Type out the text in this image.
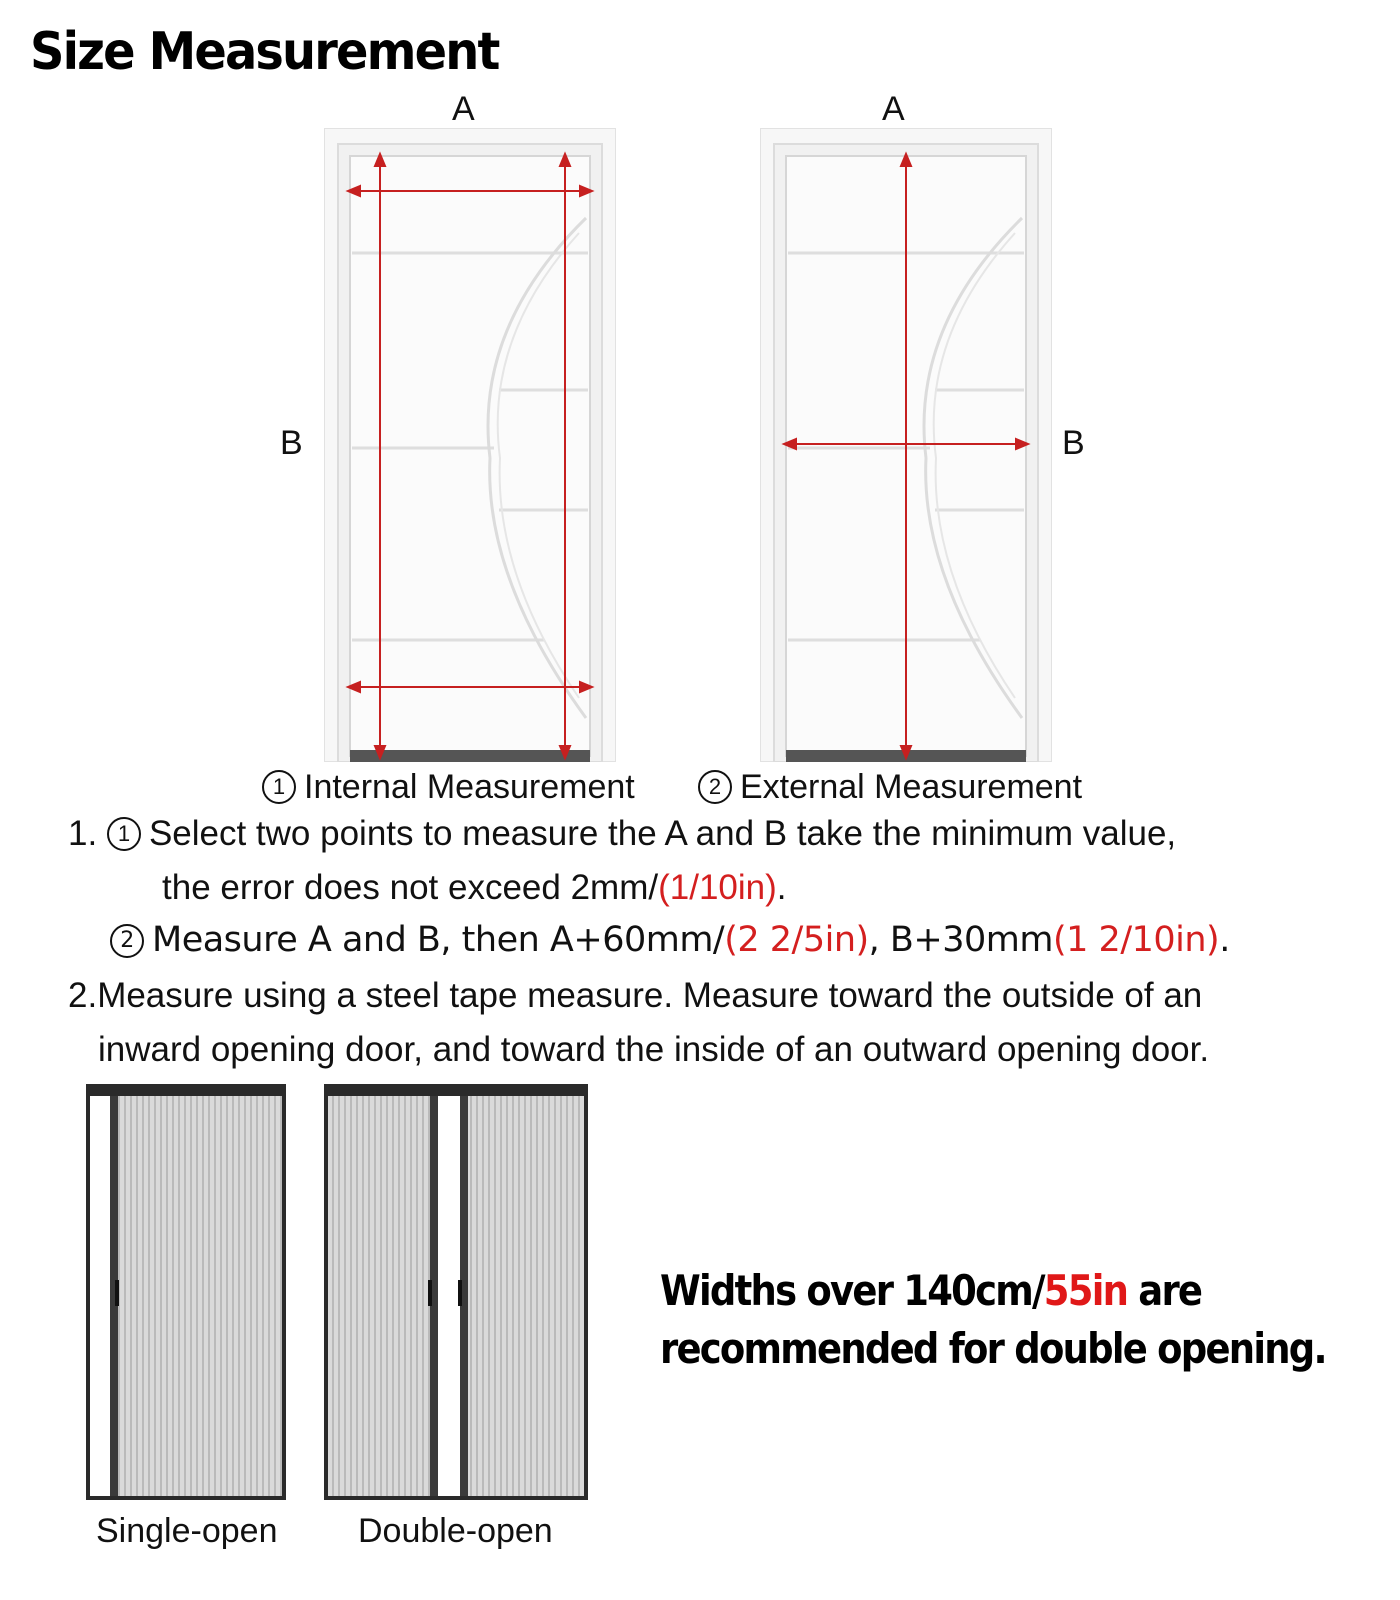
Size Measurement
A
B
A
B
1 Internal Measurement	2 External Measurement
1. 1 Select two points to measure the A and B take the minimum value,
the error does not exceed 2mm/(1/10in).
2 Measure A and B, then A+60mm/(2 2/5in), B+30mm(1 2/10in).
2.Measure using a steel tape measure. Measure toward the outside of an
inward opening door, and toward the inside of an outward opening door.
Single-open Double-open
Widths over 140cm/55in are
recommended for double opening.
